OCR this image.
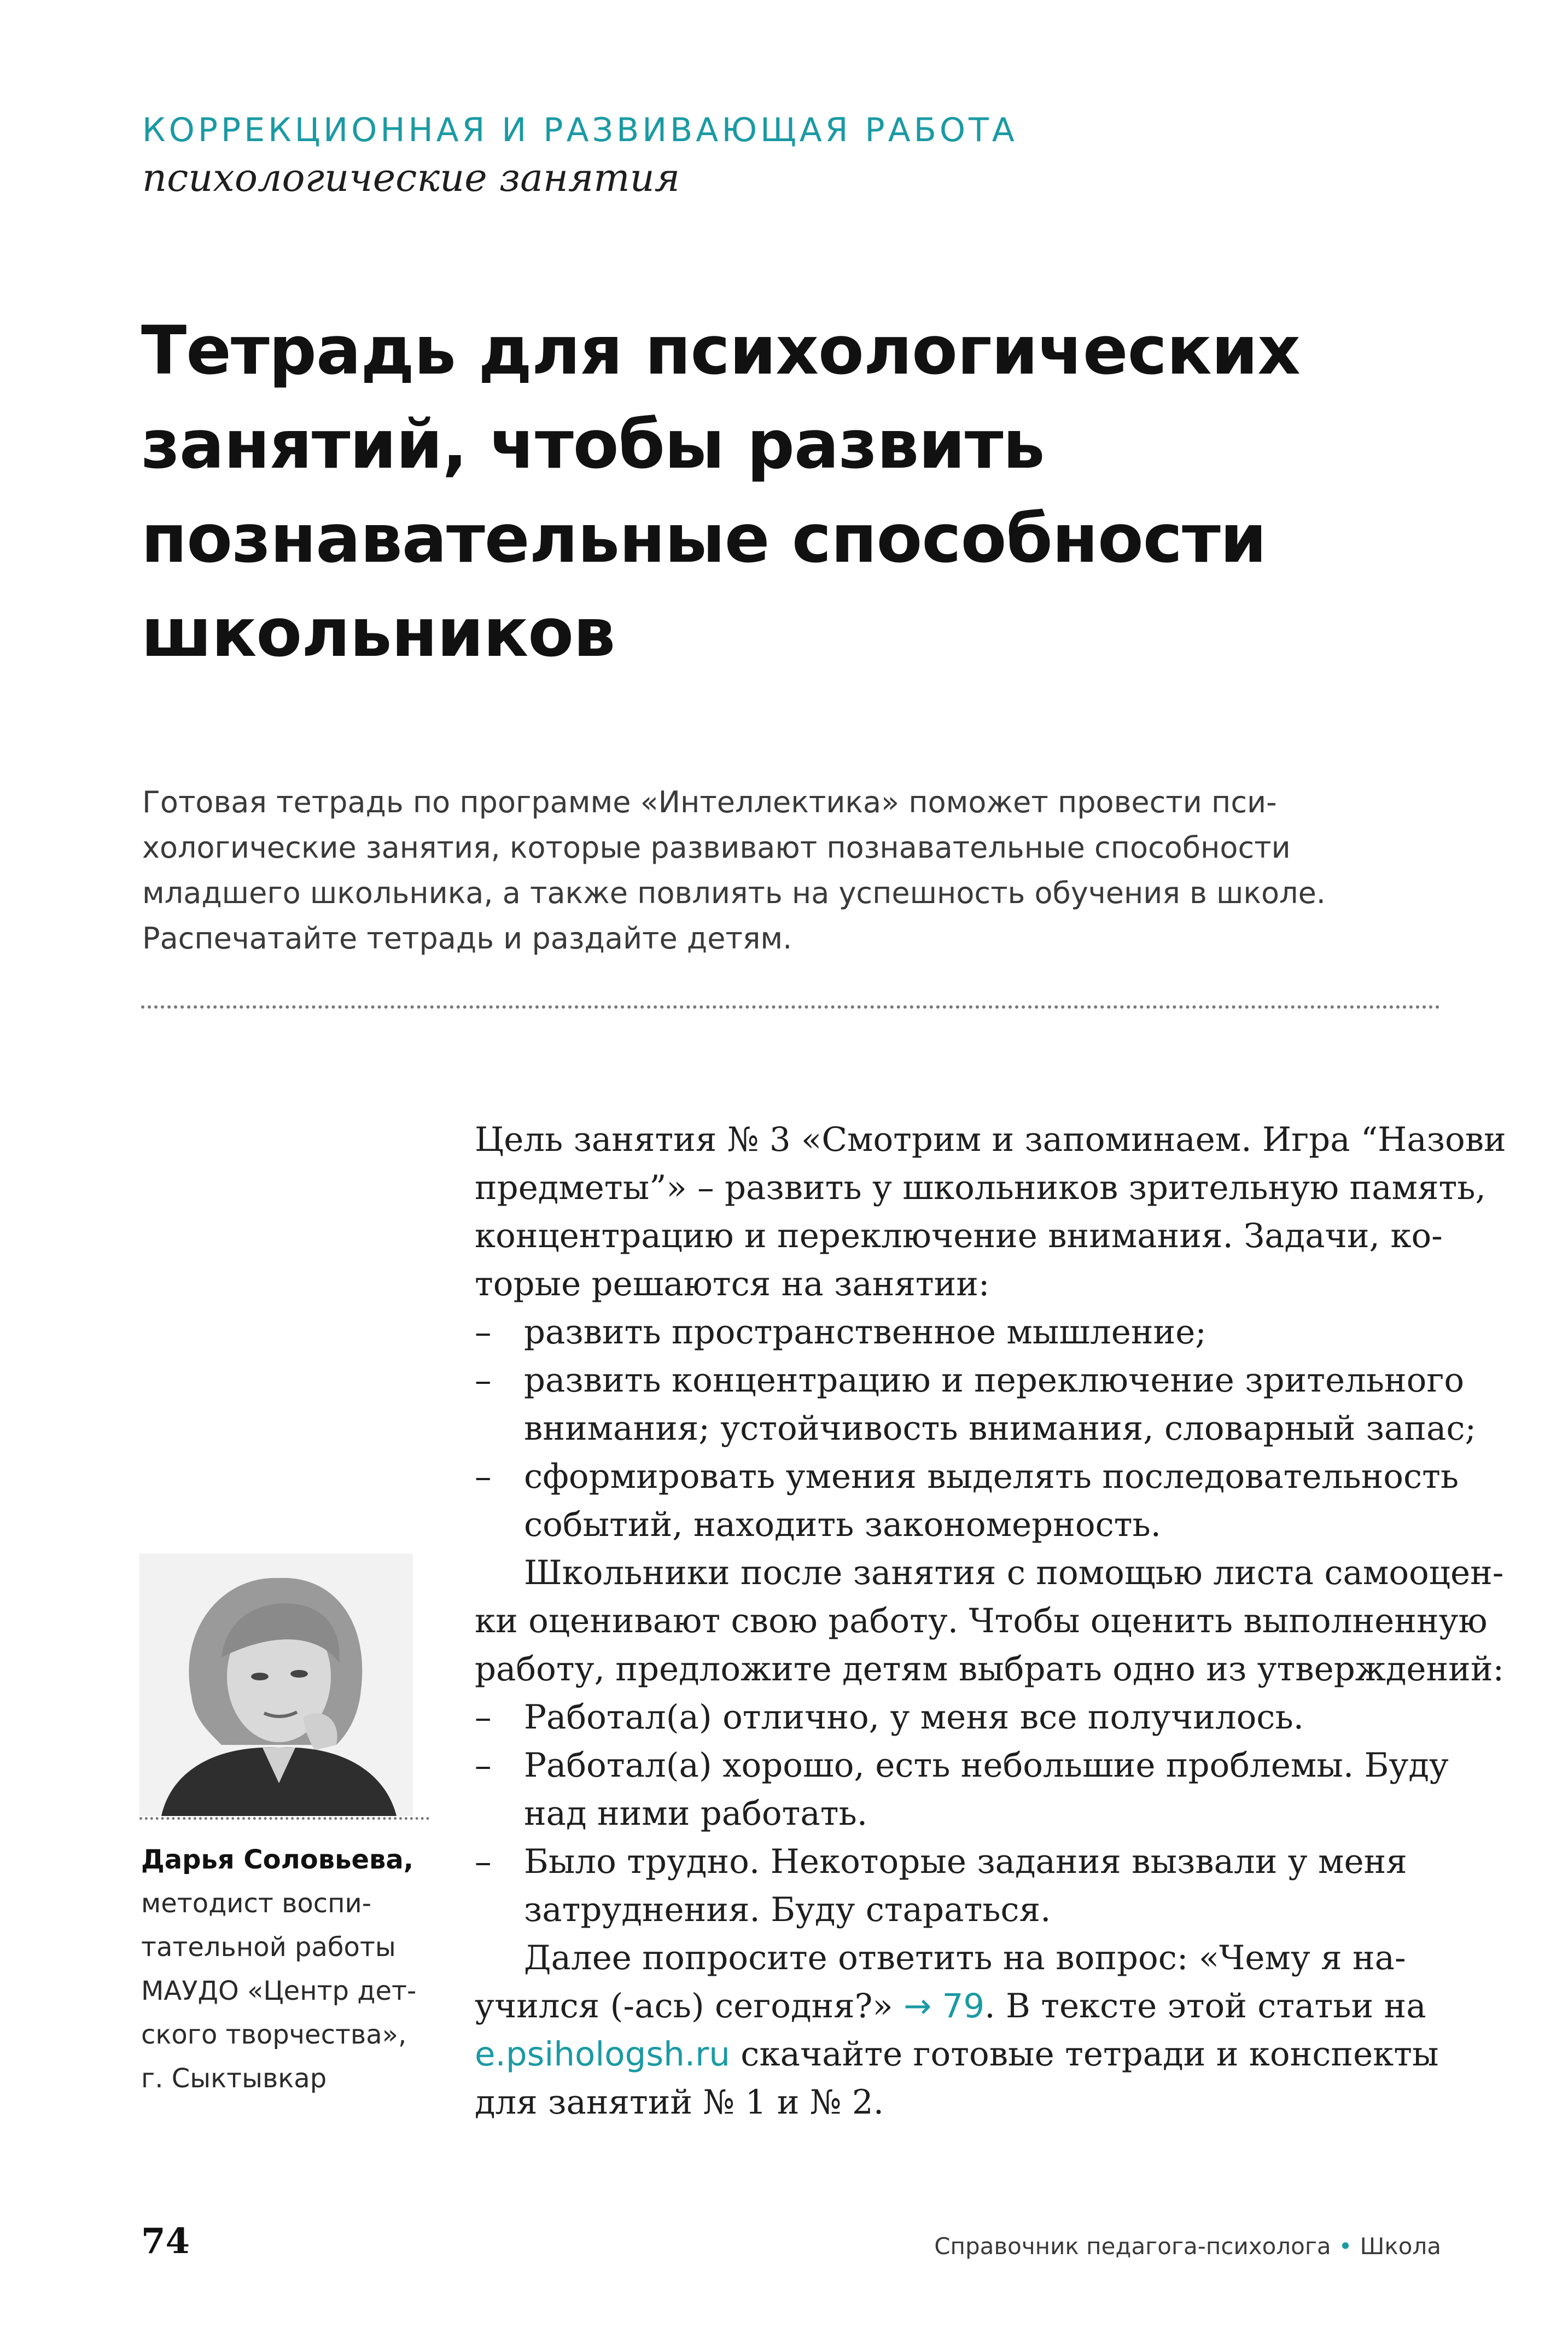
КОРРЕКЦИОННАЯ И РАЗВИВАЮЩАЯ РАБОТА
психологические занятия
Тетрадь для психологических
занятий, чтобы развить
познавательные способности
школьников
Готовая тетрадь по программе «Интеллектика» поможет провести пси-
хологические занятия, которые развивают познавательные способности
младшего школьника, а также повлиять на успешность обучения в школе.
Распечатайте тетрадь и раздайте детям.
Дарья Соловьева,
методист воспи-
тательной работы
МАУДО «Центр дет-
ского творчества»,
г. Сыктывкар
Цель занятия № 3 «Смотрим и запоминаем. Игра “Назови
предметы”» – развить у школьников зрительную память,
концентрацию и переключение внимания. Задачи, ко-
торые решаются на занятии:
– развить пространственное мышление;
– развить концентрацию и переключение зрительного
внимания; устойчивость внимания, словарный запас;
– сформировать умения выделять последовательность
событий, находить закономерность.
Школьники после занятия с помощью листа самооцен-
ки оценивают свою работу. Чтобы оценить выполненную
работу, предложите детям выбрать одно из утверждений:
– Работал(а) отлично, у меня все получилось.
– Работал(а) хорошо, есть небольшие проблемы. Буду
над ними работать.
– Было трудно. Некоторые задания вызвали у меня
затруднения. Буду стараться.
Далее попросите ответить на вопрос: «Чему я на-
учился (-ась) сегодня?» → 79. В тексте этой статьи на
e.psihologsh.ru скачайте готовые тетради и конспекты
для занятий № 1 и № 2.
74	Справочник педагога-психолога • Школа
